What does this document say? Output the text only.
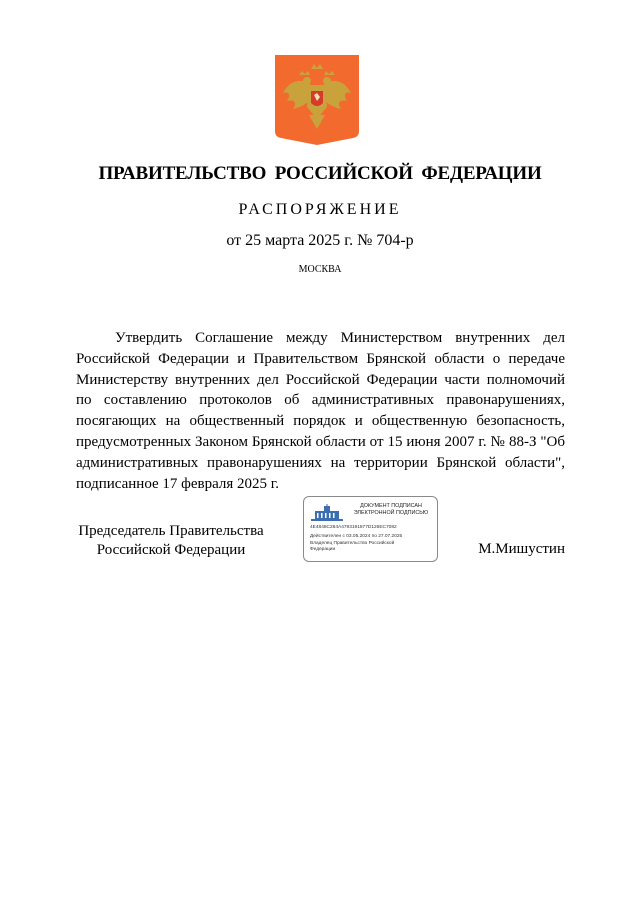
ПРАВИТЕЛЬСТВО РОССИЙСКОЙ ФЕДЕРАЦИИ
РАСПОРЯЖЕНИЕ
от 25 марта 2025 г. № 704-р
МОСКВА

Утвердить Соглашение между Министерством внутренних дел Российской Федерации и Правительством Брянской области о передаче Министерству внутренних дел Российской Федерации части полномочий по составлению протоколов об административных правонарушениях, посягающих на общественный порядок и общественную безопасность, предусмотренных Законом Брянской области от 15 июня 2007 г. № 88-З "Об административных правонарушениях на территории Брянской области", подписанное 17 февраля 2025 г.

Председатель Правительства
Российской Федерации
ДОКУМЕНТ ПОДПИСАН
ЭЛЕКТРОННОЙ ПОДПИСЬЮ
4E4848C284A4793191877D126EC7082
Действителен с 03.05.2024 по 27.07.2025
Владелец Правительство Российской
Федерации	М.Мишустин
